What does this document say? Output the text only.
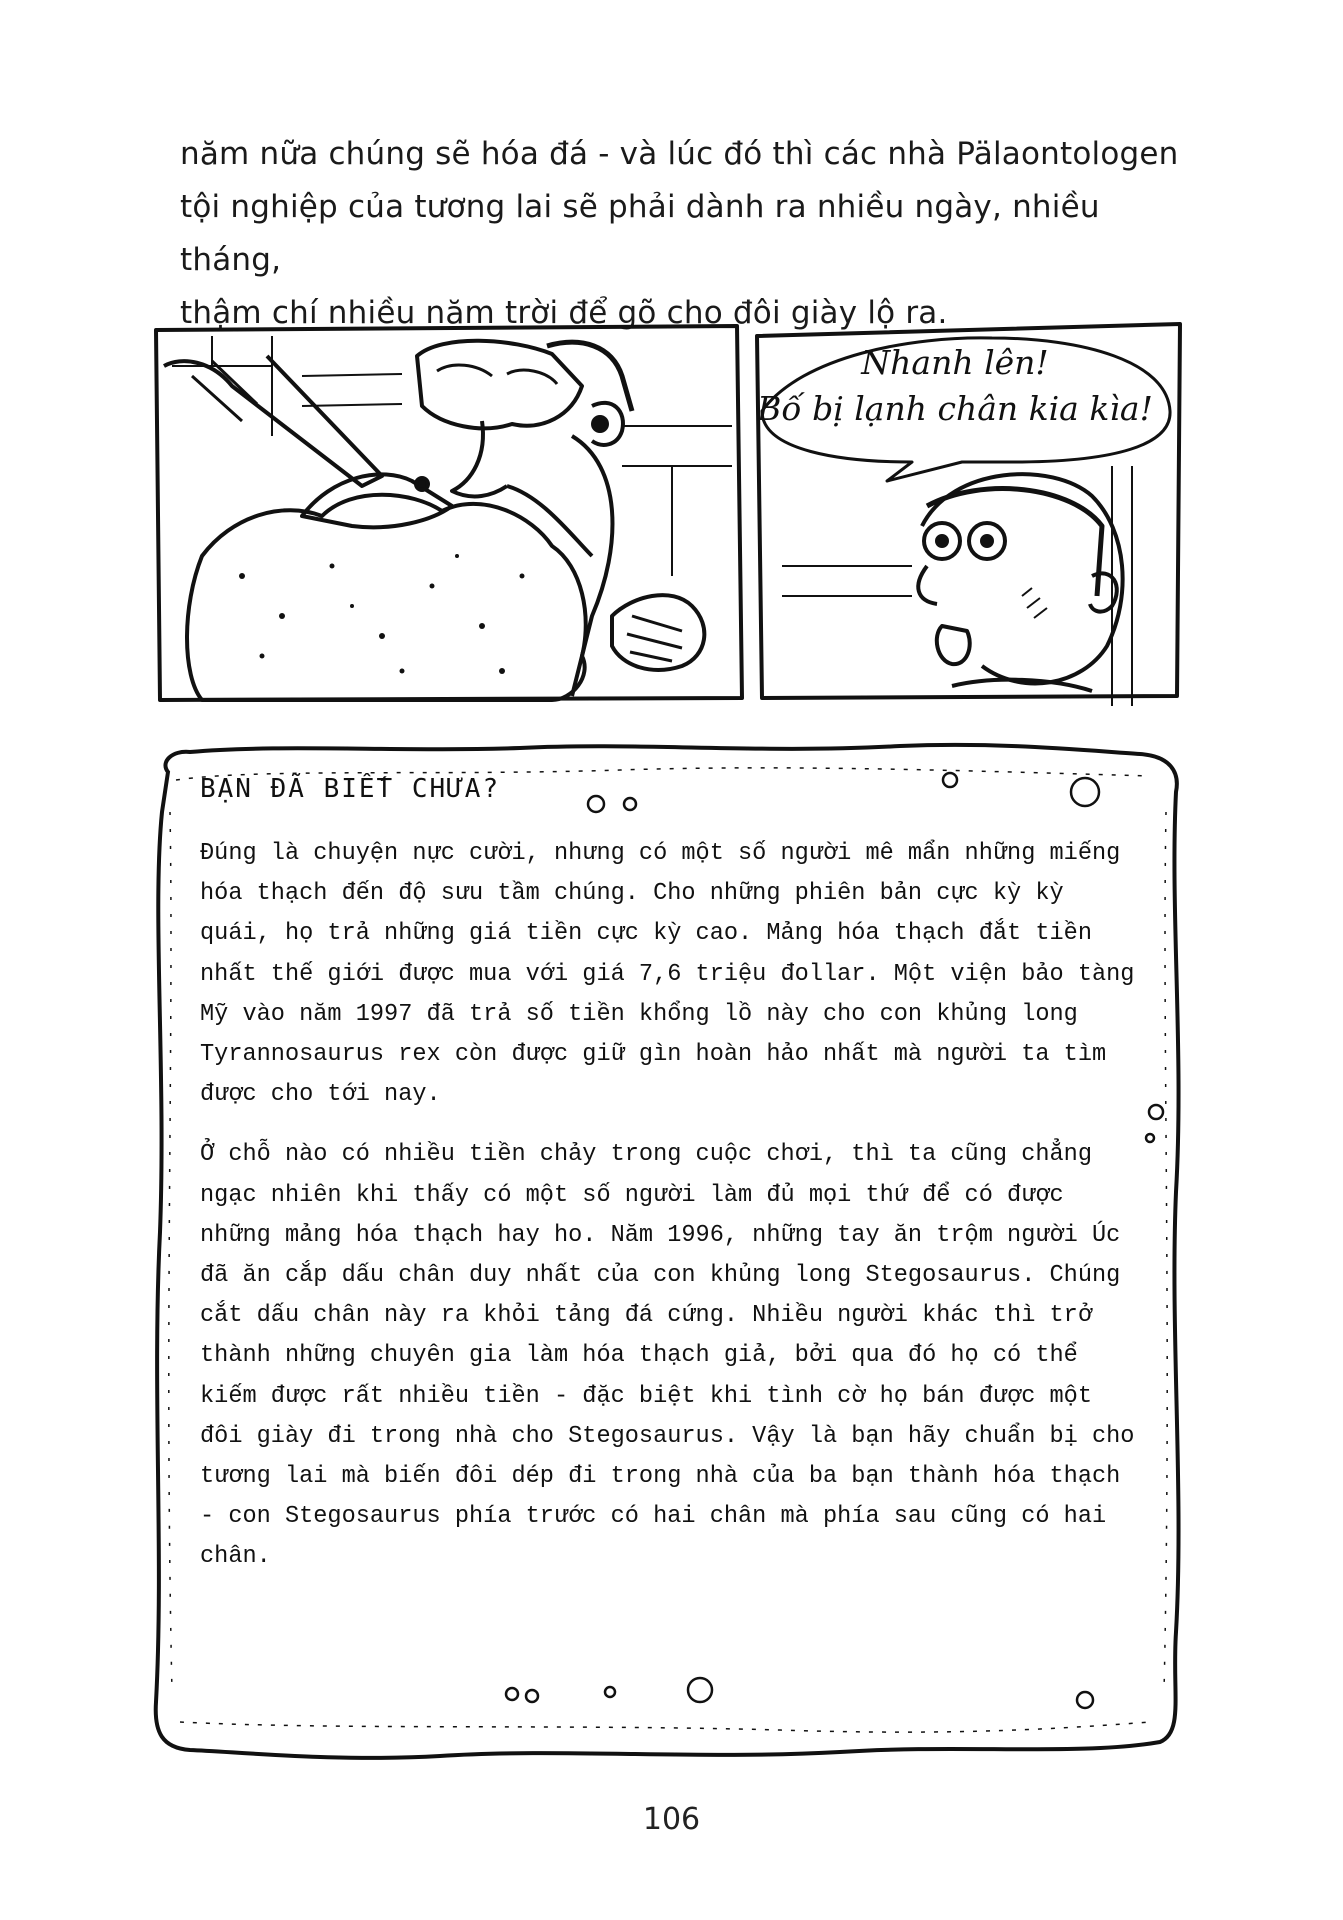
năm nữa chúng sẽ hóa đá - và lúc đó thì các nhà Pälaontologen

tội nghiệp của tương lai sẽ phải dành ra nhiều ngày, nhiều tháng,

thậm chí nhiều năm trời để gõ cho đôi giày lộ ra.

Nhanh lên!
Bố bị lạnh chân kia kìa!
BẠN ĐÃ BIẾT CHƯA?

Đúng là chuyện nực cười, nhưng có một số người mê mẩn những miếng hóa thạch đến độ sưu tầm chúng. Cho những phiên bản cực kỳ kỳ quái, họ trả những giá tiền cực kỳ cao. Mảng hóa thạch đắt tiền nhất thế giới được mua với giá 7,6 triệu đollar. Một viện bảo tàng Mỹ vào năm 1997 đã trả số tiền khổng lồ này cho con khủng long Tyrannosaurus rex còn được giữ gìn hoàn hảo nhất mà người ta tìm được cho tới nay.

Ở chỗ nào có nhiều tiền chảy trong cuộc chơi, thì ta cũng chẳng ngạc nhiên khi thấy có một số người làm đủ mọi thứ để có được những mảng hóa thạch hay ho. Năm 1996, những tay ăn trộm người Úc đã ăn cắp dấu chân duy nhất của con khủng long Stegosaurus. Chúng cắt dấu chân này ra khỏi tảng đá cứng. Nhiều người khác thì trở thành những chuyên gia làm hóa thạch giả, bởi qua đó họ có thể kiếm được rất nhiều tiền - đặc biệt khi tình cờ họ bán được một đôi giày đi trong nhà cho Stegosaurus. Vậy là bạn hãy chuẩn bị cho tương lai mà biến đôi dép đi trong nhà của ba bạn thành hóa thạch - con Stegosaurus phía trước có hai chân mà phía sau cũng có hai chân.

106
